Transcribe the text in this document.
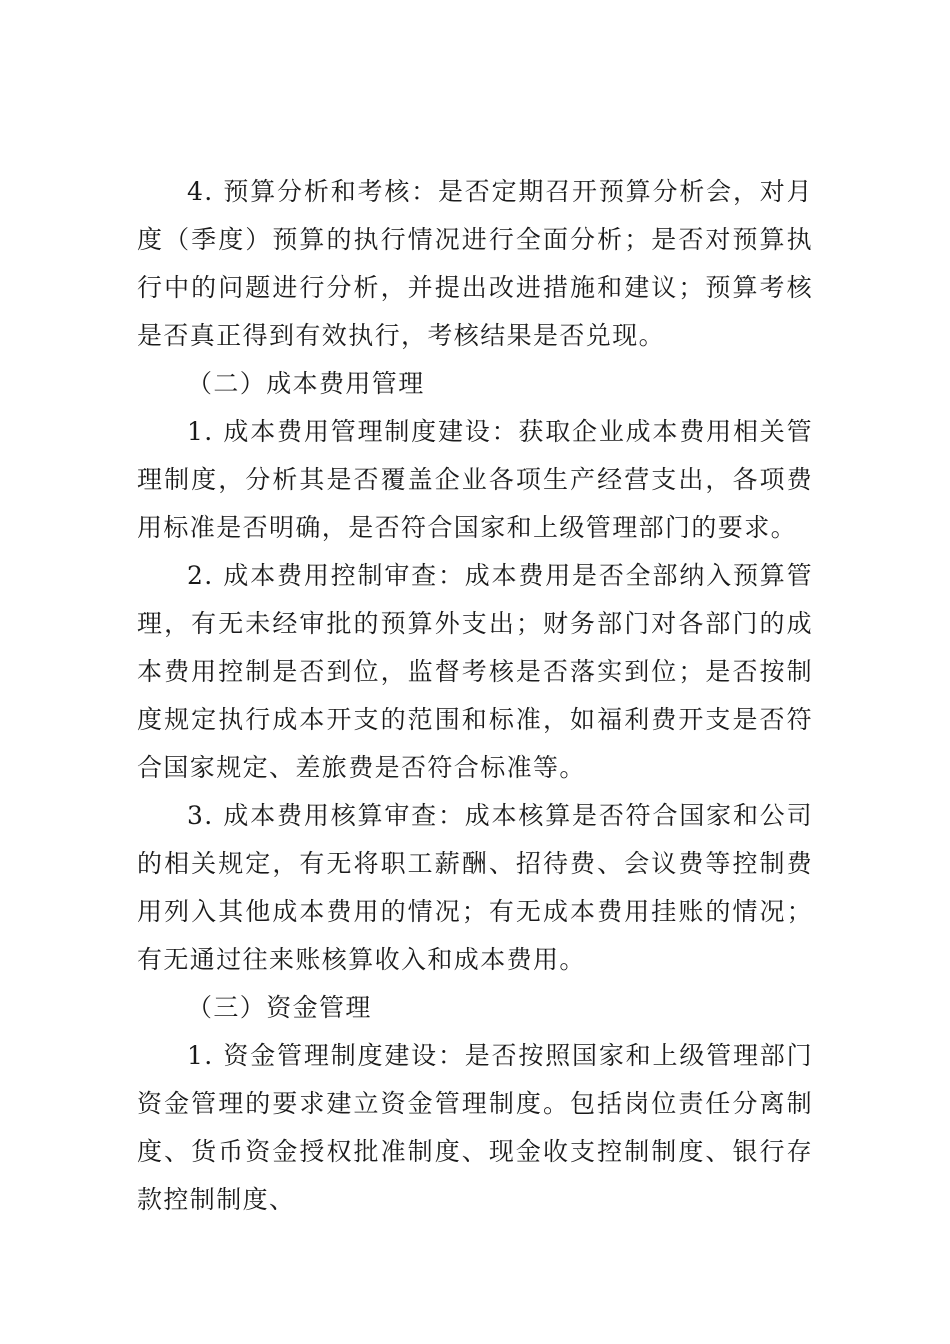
4. 预算分析和考核：是否定期召开预算分析会，对月度（季度）预算的执行情况进行全面分析；是否对预算执行中的问题进行分析，并提出改进措施和建议；预算考核是否真正得到有效执行，考核结果是否兑现。

（二）成本费用管理

1. 成本费用管理制度建设：获取企业成本费用相关管理制度，分析其是否覆盖企业各项生产经营支出，各项费用标准是否明确，是否符合国家和上级管理部门的要求。

2. 成本费用控制审查：成本费用是否全部纳入预算管理，有无未经审批的预算外支出；财务部门对各部门的成本费用控制是否到位，监督考核是否落实到位；是否按制度规定执行成本开支的范围和标准，如福利费开支是否符合国家规定、差旅费是否符合标准等。

3. 成本费用核算审查：成本核算是否符合国家和公司的相关规定，有无将职工薪酬、招待费、会议费等控制费用列入其他成本费用的情况；有无成本费用挂账的情况；有无通过往来账核算收入和成本费用。

（三）资金管理

1. 资金管理制度建设：是否按照国家和上级管理部门资金管理的要求建立资金管理制度。包括岗位责任分离制度、货币资金授权批准制度、现金收支控制制度、银行存款控制制度、
